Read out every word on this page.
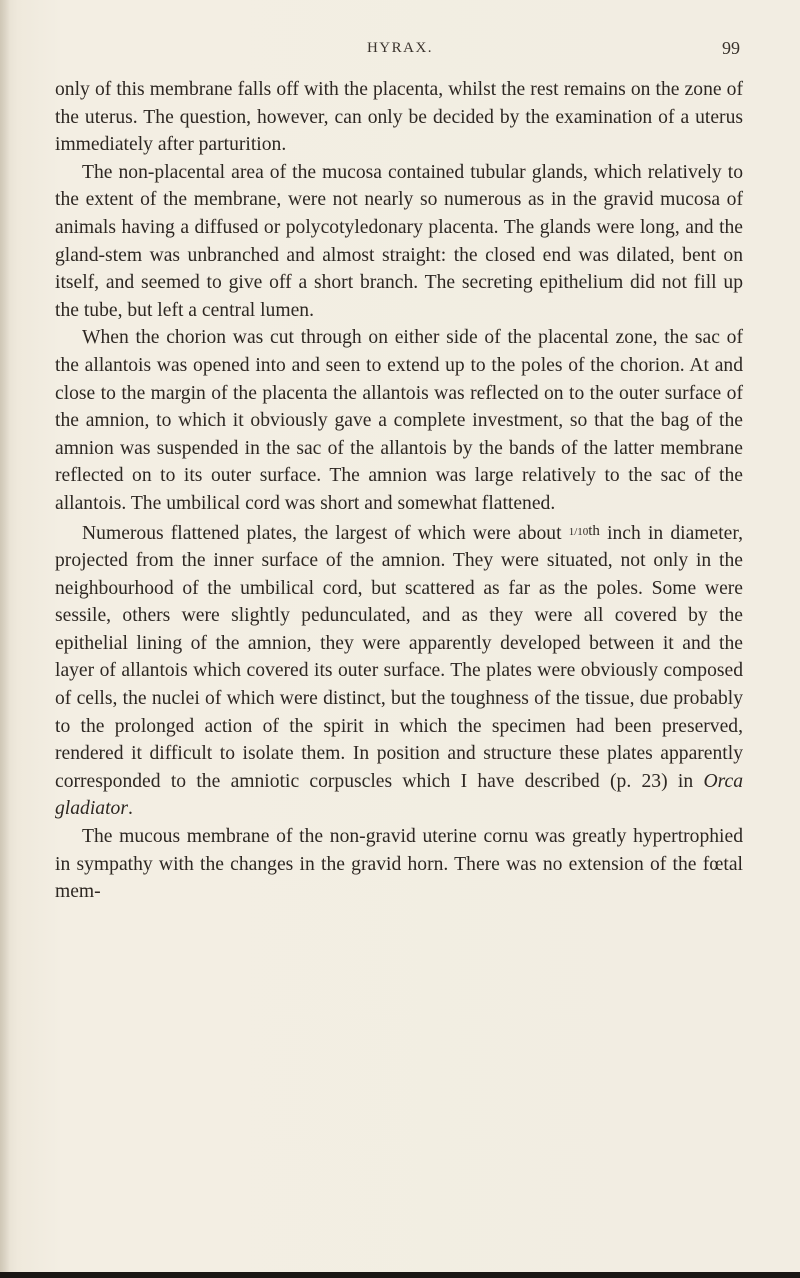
HYRAX.	99

only of this membrane falls off with the placenta, whilst the rest remains on the zone of the uterus. The question, however, can only be decided by the examination of a uterus immediately after parturition.

The non-placental area of the mucosa contained tubular glands, which relatively to the extent of the membrane, were not nearly so numerous as in the gravid mucosa of animals having a diffused or polycotyledonary placenta. The glands were long, and the gland-stem was unbranched and almost straight: the closed end was dilated, bent on itself, and seemed to give off a short branch. The secreting epithelium did not fill up the tube, but left a central lumen.

When the chorion was cut through on either side of the placental zone, the sac of the allantois was opened into and seen to extend up to the poles of the chorion. At and close to the margin of the placenta the allantois was reflected on to the outer surface of the amnion, to which it obviously gave a complete investment, so that the bag of the amnion was suspended in the sac of the allantois by the bands of the latter membrane reflected on to its outer surface. The amnion was large relatively to the sac of the allantois. The umbilical cord was short and somewhat flattened.

Numerous flattened plates, the largest of which were about $^{1/10th}$ inch in diameter, projected from the inner surface of the amnion. They were situated, not only in the neighbourhood of the umbilical cord, but scattered as far as the poles. Some were sessile, others were slightly pedunculated, and as they were all covered by the epithelial lining of the amnion, they were apparently developed between it and the layer of allantois which covered its outer surface. The plates were obviously composed of cells, the nuclei of which were distinct, but the toughness of the tissue, due probably to the prolonged action of the spirit in which the specimen had been preserved, rendered it difficult to isolate them. In position and structure these plates apparently corresponded to the amniotic corpuscles which I have described (p. 23) in Orca gladiator.

The mucous membrane of the non-gravid uterine cornu was greatly hypertrophied in sympathy with the changes in the gravid horn. There was no extension of the fœtal mem-
